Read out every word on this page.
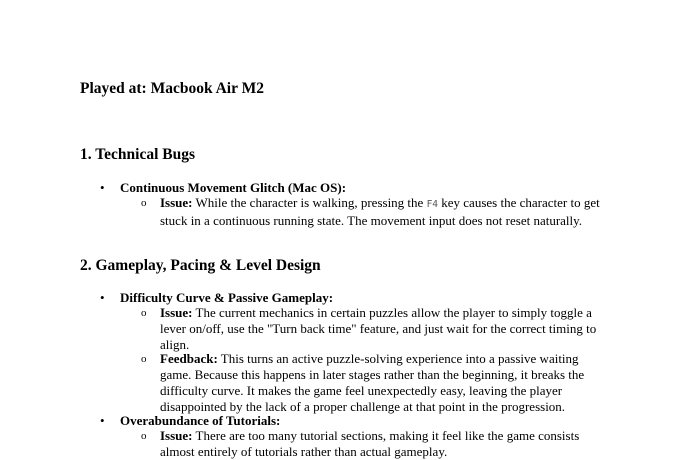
Played at: Macbook Air M2
1. Technical Bugs
• Continuous Movement Glitch (Mac OS):
o Issue: While the character is walking, pressing the F4 key causes the character to get stuck in a continuous running state. The movement input does not reset naturally.
2. Gameplay, Pacing & Level Design
• Difficulty Curve & Passive Gameplay:
o Issue: The current mechanics in certain puzzles allow the player to simply toggle a lever on/off, use the "Turn back time" feature, and just wait for the correct timing to align.
o Feedback: This turns an active puzzle-solving experience into a passive waiting game. Because this happens in later stages rather than the beginning, it breaks the difficulty curve. It makes the game feel unexpectedly easy, leaving the player disappointed by the lack of a proper challenge at that point in the progression.
• Overabundance of Tutorials:
o Issue: There are too many tutorial sections, making it feel like the game consists almost entirely of tutorials rather than actual gameplay.
